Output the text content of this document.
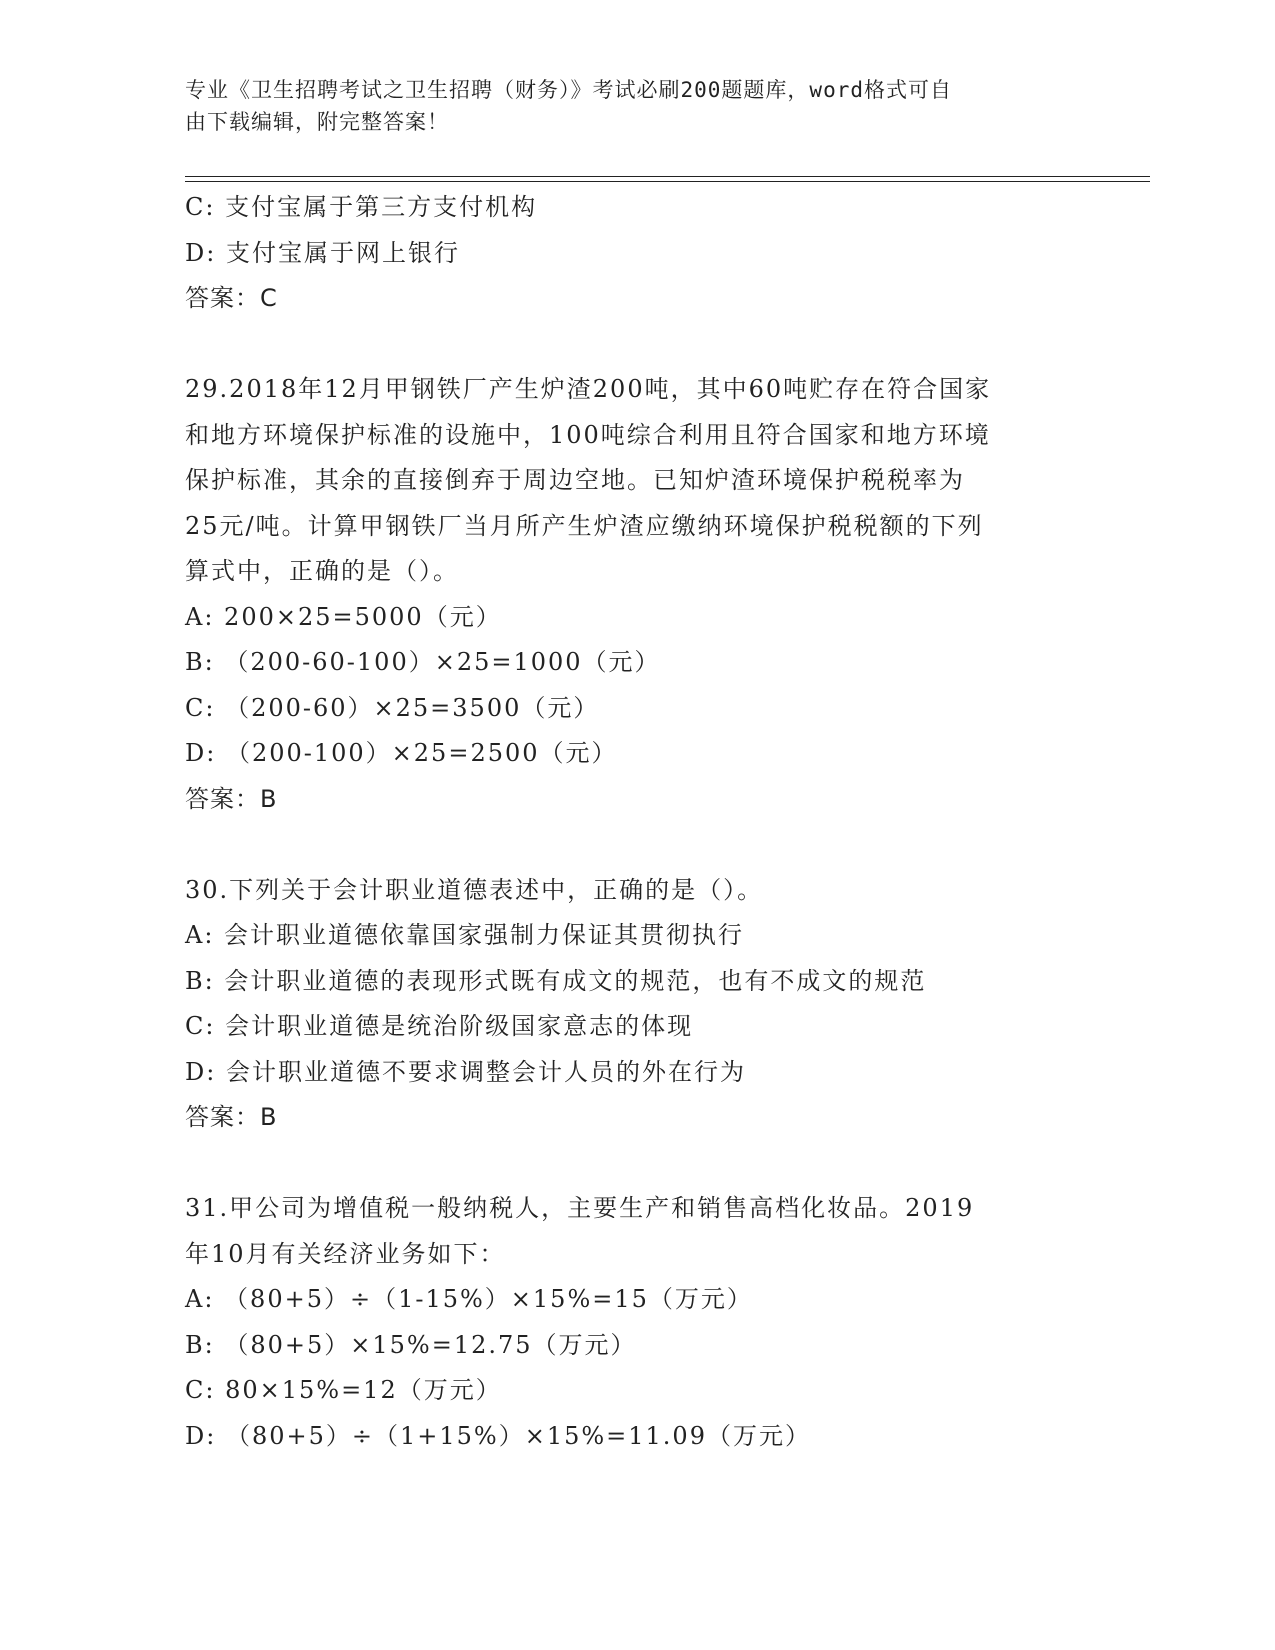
专业《卫生招聘考试之卫生招聘（财务）》考试必刷200题题库，word格式可自
由下载编辑，附完整答案！
C: 支付宝属于第三方支付机构
D: 支付宝属于网上银行
答案：C
29.2018年12月甲钢铁厂产生炉渣200吨，其中60吨贮存在符合国家
和地方环境保护标准的设施中，100吨综合利用且符合国家和地方环境
保护标准，其余的直接倒弃于周边空地。已知炉渣环境保护税税率为
25元/吨。计算甲钢铁厂当月所产生炉渣应缴纳环境保护税税额的下列
算式中，正确的是（）。
A: 200×25=5000（元）
B: （200-60-100）×25=1000（元）
C: （200-60）×25=3500（元）
D: （200-100）×25=2500（元）
答案：B
30.下列关于会计职业道德表述中，正确的是（）。
A: 会计职业道德依靠国家强制力保证其贯彻执行
B: 会计职业道德的表现形式既有成文的规范，也有不成文的规范
C: 会计职业道德是统治阶级国家意志的体现
D: 会计职业道德不要求调整会计人员的外在行为
答案：B
31.甲公司为增值税一般纳税人，主要生产和销售高档化妆品。2019
年10月有关经济业务如下：
A: （80+5）÷（1-15%）×15%=15（万元）
B: （80+5）×15%=12.75（万元）
C: 80×15%=12（万元）
D: （80+5）÷（1+15%）×15%=11.09（万元）
